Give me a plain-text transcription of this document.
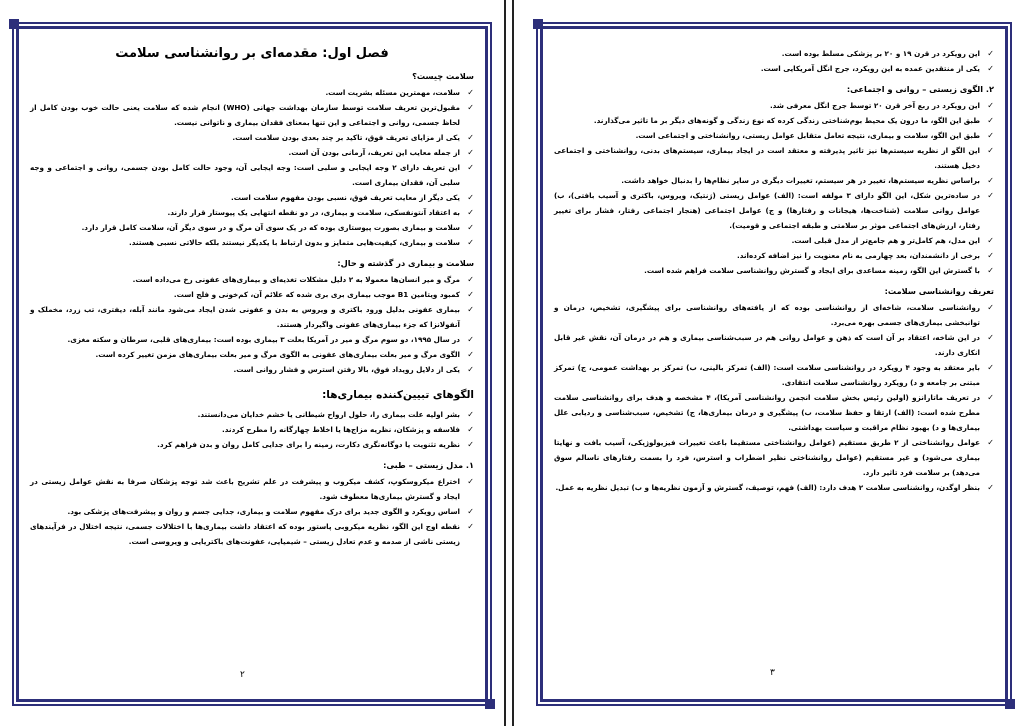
فصل اول: مقدمه‌ای بر روانشناسی سلامت
سلامت چیست؟
✓
سلامت، مهمترین مسئله بشریت است.
✓
مقبول‌ترین تعریف سلامت توسط سازمان بهداشت جهانی (WHO) انجام شده که سلامت یعنی حالت خوب بودن کامل از لحاظ جسمی، روانی و اجتماعی و این تنها بمعنای فقدان بیماری و ناتوانی نیست.
✓
یکی از مزایای تعریف فوق، تاکید بر چند بعدی بودن سلامت است.
✓
از جمله معایب این تعریف، آرمانی بودن آن است.
✓
این تعریف دارای ۲ وجه ایجابی و سلبی است: وجه ایجابی آن، وجود حالت کامل بودن جسمی، روانی و اجتماعی و وجه سلبی آن، فقدان بیماری است.
✓
یکی دیگر از معایب تعریف فوق، نسبی بودن مفهوم سلامت است.
✓
به اعتقاد آنتونفسکی، سلامت و بیماری، در دو نقطه انتهایی یک پیوستار قرار دارند.
✓
سلامت و بیماری بصورت پیوستاری بوده که در یک سوی آن مرگ و در سوی دیگر آن، سلامت کامل قرار دارد.
✓
سلامت و بیماری، کیفیت‌هایی متمایز و بدون ارتباط با یکدیگر نیستند بلکه حالاتی نسبی هستند.
سلامت و بیماری در گذشته و حال:
✓
مرگ و میر انسان‌ها معمولا به ۲ دلیل مشکلات تغذیه‌ای و بیماری‌های عفونی رخ می‌داده است.
✓
کمبود ویتامین B1 موجب بیماری بری بری شده که علائم آن، کم‌خونی و فلج است.
✓
بیماری عفونی بدلیل ورود باکتری و ویروس به بدن و عفونی شدن ایجاد می‌شود مانند آبله، دیفتری، تب زرد، مخملک و آنفولانزا که جزء بیماری‌های عفونی واگیردار هستند.
✓
در سال ۱۹۹۵، دو سوم مرگ و میر در آمریکا بعلت ۳ بیماری بوده است: بیماری‌های قلبی، سرطان و سکته مغزی.
✓
الگوی مرگ و میر بعلت بیماری‌های عفونی به الگوی مرگ و میر بعلت بیماری‌های مزمن تغییر کرده است.
✓
یکی از دلایل رویداد فوق، بالا رفتن استرس و فشار روانی است.
الگوهای تبیین‌کننده بیماری‌ها:
✓
بشر اولیه علت بیماری را، حلول ارواح شیطانی یا خشم خدایان می‌دانستند.
✓
فلاسفه و پزشکان، نظریه مزاج‌ها یا اخلاط چهارگانه را مطرح کردند.
✓
نظریه تثنویت یا دوگانه‌نگری دکارت، زمینه را برای جدایی کامل روان و بدن فراهم کرد.
۱. مدل زیستی – طبی:
✓
اختراع میکروسکوپ، کشف میکروب و پیشرفت در علم تشریح باعث شد توجه پزشکان صرفا به نقش عوامل زیستی در ایجاد و گسترش بیماری‌ها معطوف شود.
✓
اساس رویکرد و الگوی جدید برای درک مفهوم سلامت و بیماری، جدایی جسم و روان و پیشرفت‌های پزشکی بود.
✓
نقطه اوج این الگو، نظریه میکروبی پاستور بوده که اعتقاد داشت بیماری‌ها با اختلالات جسمی، نتیجه اختلال در فرآیندهای زیستی ناشی از صدمه و عدم تعادل زیستی – شیمیایی، عفونت‌های باکتریایی و ویروسی است.
۲
✓
این رویکرد در قرن ۱۹ و ۲۰ بر پزشکی مسلط بوده است.
✓
یکی از منتقدین عمده به این رویکرد، جرج انگل آمریکایی است.
۲. الگوی زیستی – روانی و اجتماعی:
✓
این رویکرد در ربع آخر قرن ۲۰ توسط جرج انگل معرفی شد.
✓
طبق این الگو، ما درون یک محیط بوم‌شناختی زندگی کرده که نوع زندگی و گونه‌های دیگر بر ما تاثیر می‌گذارند.
✓
طبق این الگو، سلامت و بیماری، نتیجه تعامل متقابل عوامل زیستی، روانشناختی و اجتماعی است.
✓
این الگو از نظریه سیستم‌ها نیز تاثیر پذیرفته و معتقد است در ایجاد بیماری، سیستم‌های بدنی، روانشناختی و اجتماعی دخیل هستند.
✓
براساس نظریه سیستم‌ها، تغییر در هر سیستم، تغییرات دیگری در سایر نظام‌ها را بدنبال خواهد داشت.
✓
در ساده‌ترین شکل، این الگو دارای ۳ مولفه است: (الف) عوامل زیستی (ژنتیک، ویروس، باکتری و آسیب بافتی)، ب) عوامل روانی سلامت (شناخت‌ها، هیجانات و رفتارها) و ج) عوامل اجتماعی (هنجار اجتماعی رفتار، فشار برای تغییر رفتار، ارزش‌های اجتماعی موثر بر سلامتی و طبقه اجتماعی و قومیت).
✓
این مدل، هم کامل‌تر و هم جامع‌تر از مدل قبلی است.
✓
برخی از دانشمندان، بعد چهارمی به نام معنویت را نیز اضافه کرده‌اند.
✓
با گسترش این الگو، زمینه مساعدی برای ایجاد و گسترش روانشناسی سلامت فراهم شده است.
تعریف روانشناسی سلامت:
✓
روانشناسی سلامت، شاخه‌ای از روانشناسی بوده که از یافته‌های روانشناسی برای پیشگیری، تشخیص، درمان و توانبخشی بیماری‌های جسمی بهره می‌برد.
✓
در این شاخه، اعتقاد بر آن است که ذهن و عوامل روانی هم در سبب‌شناسی بیماری و هم در درمان آن، نقش غیر قابل انکاری دارند.
✓
بایر معتقد به وجود ۴ رویکرد در روانشناسی سلامت است: (الف) تمرکز بالینی، ب) تمرکز بر بهداشت عمومی، ج) تمرکز مبتنی بر جامعه و د) رویکرد روانشناسی سلامت انتقادی.
✓
در تعریف ماتارانزو (اولین رئیس بخش سلامت انجمن روانشناسی آمریکا)، ۴ مشخصه و هدف برای روانشناسی سلامت مطرح شده است: (الف) ارتقا و حفظ سلامت، ب) پیشگیری و درمان بیماری‌ها، ج) تشخیص، سبب‌شناسی و ردیابی علل بیماری‌ها و د) بهبود نظام مراقبت و سیاست بهداشتی.
✓
عوامل روانشناختی از ۲ طریق مستقیم (عوامل روانشناختی مستقیما باعث تغییرات فیزیولوژیکی، آسیب بافت و نهایتا بیماری می‌شود) و غیر مستقیم (عوامل روانشناختی نظیر اضطراب و استرس، فرد را بسمت رفتارهای ناسالم سوق می‌دهد) بر سلامت فرد تاثیر دارد.
✓
بنظر اوگدن، روانشناسی سلامت ۲ هدف دارد: (الف) فهم، توصیف، گسترش و آزمون نظریه‌ها و ب) تبدیل نظریه به عمل.
۳
